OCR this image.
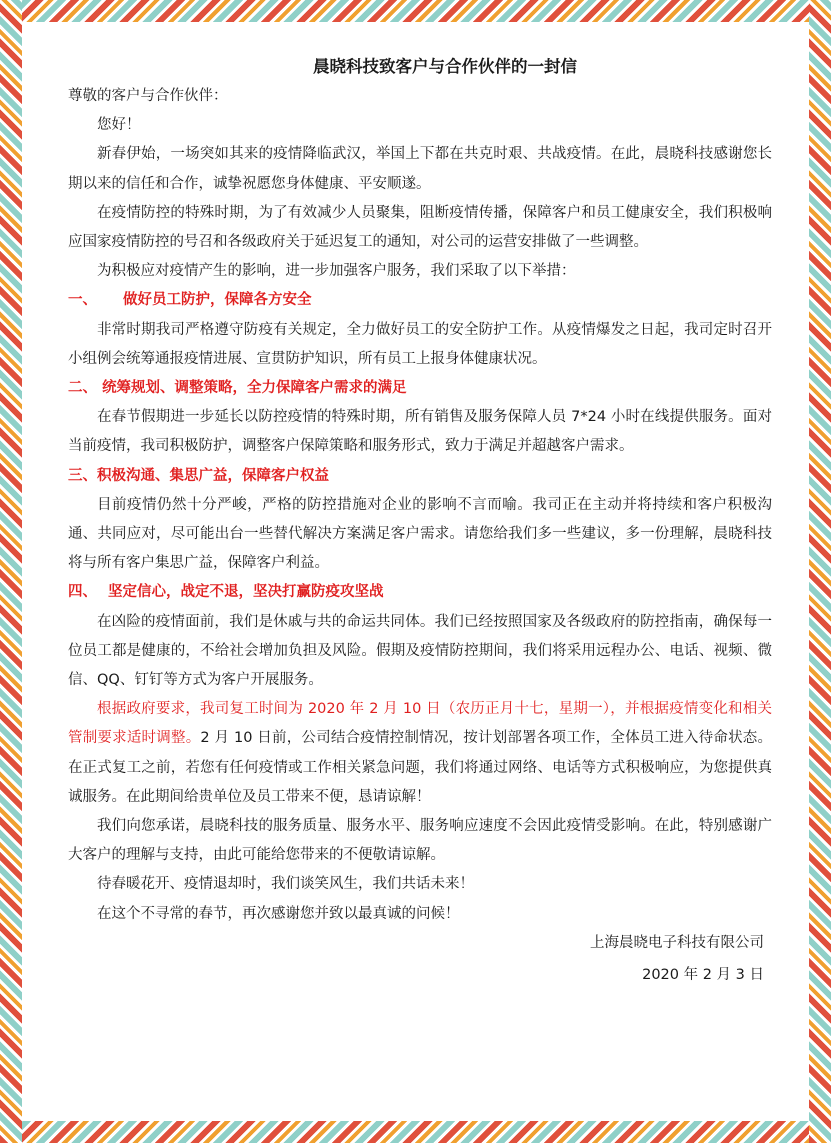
晨晓科技致客户与合作伙伴的一封信
尊敬的客户与合作伙伴：

您好！

新春伊始，一场突如其来的疫情降临武汉，举国上下都在共克时艰、共战疫情。在此，晨晓科技感谢您长期以来的信任和合作，诚挚祝愿您身体健康、平安顺遂。

在疫情防控的特殊时期，为了有效减少人员聚集，阻断疫情传播，保障客户和员工健康安全，我们积极响应国家疫情防控的号召和各级政府关于延迟复工的通知，对公司的运营安排做了一些调整。

为积极应对疫情产生的影响，进一步加强客户服务，我们采取了以下举措：

一、 做好员工防护，保障各方安全

非常时期我司严格遵守防疫有关规定，全力做好员工的安全防护工作。从疫情爆发之日起，我司定时召开小组例会统筹通报疫情进展、宣贯防护知识，所有员工上报身体健康状况。

二、 统筹规划、调整策略，全力保障客户需求的满足

在春节假期进一步延长以防控疫情的特殊时期，所有销售及服务保障人员 7*24 小时在线提供服务。面对当前疫情，我司积极防护，调整客户保障策略和服务形式，致力于满足并超越客户需求。

三、积极沟通、集思广益，保障客户权益

目前疫情仍然十分严峻，严格的防控措施对企业的影响不言而喻。我司正在主动并将持续和客户积极沟通、共同应对，尽可能出台一些替代解决方案满足客户需求。请您给我们多一些建议，多一份理解，晨晓科技将与所有客户集思广益，保障客户利益。

四、 坚定信心，战定不退，坚决打赢防疫攻坚战

在凶险的疫情面前，我们是休戚与共的命运共同体。我们已经按照国家及各级政府的防控指南，确保每一位员工都是健康的，不给社会增加负担及风险。假期及疫情防控期间，我们将采用远程办公、电话、视频、微信、QQ、钉钉等方式为客户开展服务。

根据政府要求，我司复工时间为 2020 年 2 月 10 日（农历正月十七，星期一），并根据疫情变化和相关管制要求适时调整。2 月 10 日前，公司结合疫情控制情况，按计划部署各项工作，全体员工进入待命状态。在正式复工之前，若您有任何疫情或工作相关紧急问题，我们将通过网络、电话等方式积极响应，为您提供真诚服务。在此期间给贵单位及员工带来不便，恳请谅解！

我们向您承诺，晨晓科技的服务质量、服务水平、服务响应速度不会因此疫情受影响。在此，特别感谢广大客户的理解与支持，由此可能给您带来的不便敬请谅解。

待春暖花开、疫情退却时，我们谈笑风生，我们共话未来！

在这个不寻常的春节，再次感谢您并致以最真诚的问候！

上海晨晓电子科技有限公司
2020 年 2 月 3 日
